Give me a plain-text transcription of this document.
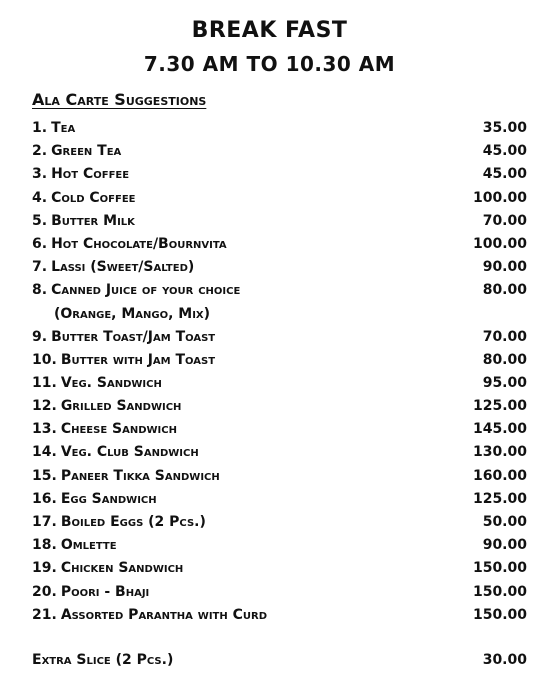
BREAK FAST
7.30 AM TO 10.30 AM
Ala Carte Suggestions
1. Tea	35.00
2. Green Tea	45.00
3. Hot Coffee	45.00
4. Cold Coffee	100.00
5. Butter Milk	70.00
6. Hot Chocolate/Bournvita	100.00
7. Lassi (Sweet/Salted)	90.00
8. Canned Juice of your choice	80.00
(Orange, Mango, Mix)
9. Butter Toast/Jam Toast	70.00
10. Butter with Jam Toast	80.00
11. Veg. Sandwich	95.00
12. Grilled Sandwich	125.00
13. Cheese Sandwich	145.00
14. Veg. Club Sandwich	130.00
15. Paneer Tikka Sandwich	160.00
16. Egg Sandwich	125.00
17. Boiled Eggs (2 Pcs.)	50.00
18. Omlette	90.00
19. Chicken Sandwich	150.00
20. Poori - Bhaji	150.00
21. Assorted Parantha with Curd	150.00
Extra Slice (2 Pcs.)	30.00
